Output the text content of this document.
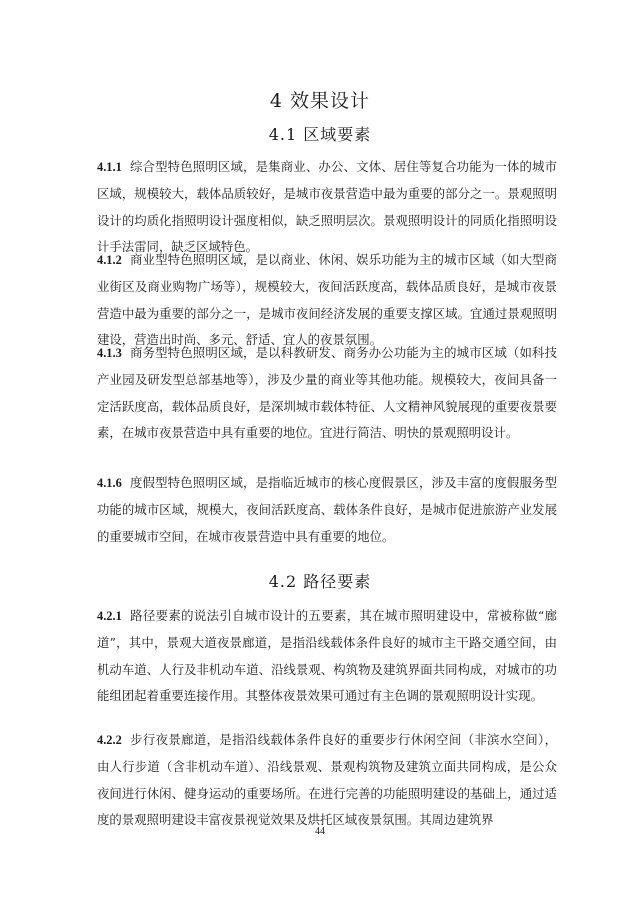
4 效果设计
4.1 区域要素

4.1.1 综合型特色照明区域，是集商业、办公、文体、居住等复合功能为一体的城市区域，规模较大，载体品质较好，是城市夜景营造中最为重要的部分之一。景观照明设计的均质化指照明设计强度相似，缺乏照明层次。景观照明设计的同质化指照明设计手法雷同，缺乏区域特色。

4.1.2 商业型特色照明区域，是以商业、休闲、娱乐功能为主的城市区域（如大型商业街区及商业购物广场等），规模较大，夜间活跃度高，载体品质良好，是城市夜景营造中最为重要的部分之一，是城市夜间经济发展的重要支撑区域。宜通过景观照明建设，营造出时尚、多元、舒适、宜人的夜景氛围。

4.1.3 商务型特色照明区域，是以科教研发、商务办公功能为主的城市区域（如科技产业园及研发型总部基地等），涉及少量的商业等其他功能。规模较大，夜间具备一定活跃度高，载体品质良好，是深圳城市载体特征、人文精神风貌展现的重要夜景要素，在城市夜景营造中具有重要的地位。宜进行简洁、明快的景观照明设计。

4.1.6 度假型特色照明区域，是指临近城市的核心度假景区，涉及丰富的度假服务型功能的城市区域，规模大，夜间活跃度高、载体条件良好，是城市促进旅游产业发展的重要城市空间，在城市夜景营造中具有重要的地位。

4.2 路径要素

4.2.1 路径要素的说法引自城市设计的五要素，其在城市照明建设中，常被称做“廊道”，其中，景观大道夜景廊道，是指沿线载体条件良好的城市主干路交通空间，由机动车道、人行及非机动车道、沿线景观、构筑物及建筑界面共同构成，对城市的功能组团起着重要连接作用。其整体夜景效果可通过有主色调的景观照明设计实现。

4.2.2 步行夜景廊道，是指沿线载体条件良好的重要步行休闲空间（非滨水空间），由人行步道（含非机动车道）、沿线景观、景观构筑物及建筑立面共同构成，是公众夜间进行休闲、健身运动的重要场所。在进行完善的功能照明建设的基础上，通过适度的景观照明建设丰富夜景视觉效果及烘托区域夜景氛围。其周边建筑界

44
